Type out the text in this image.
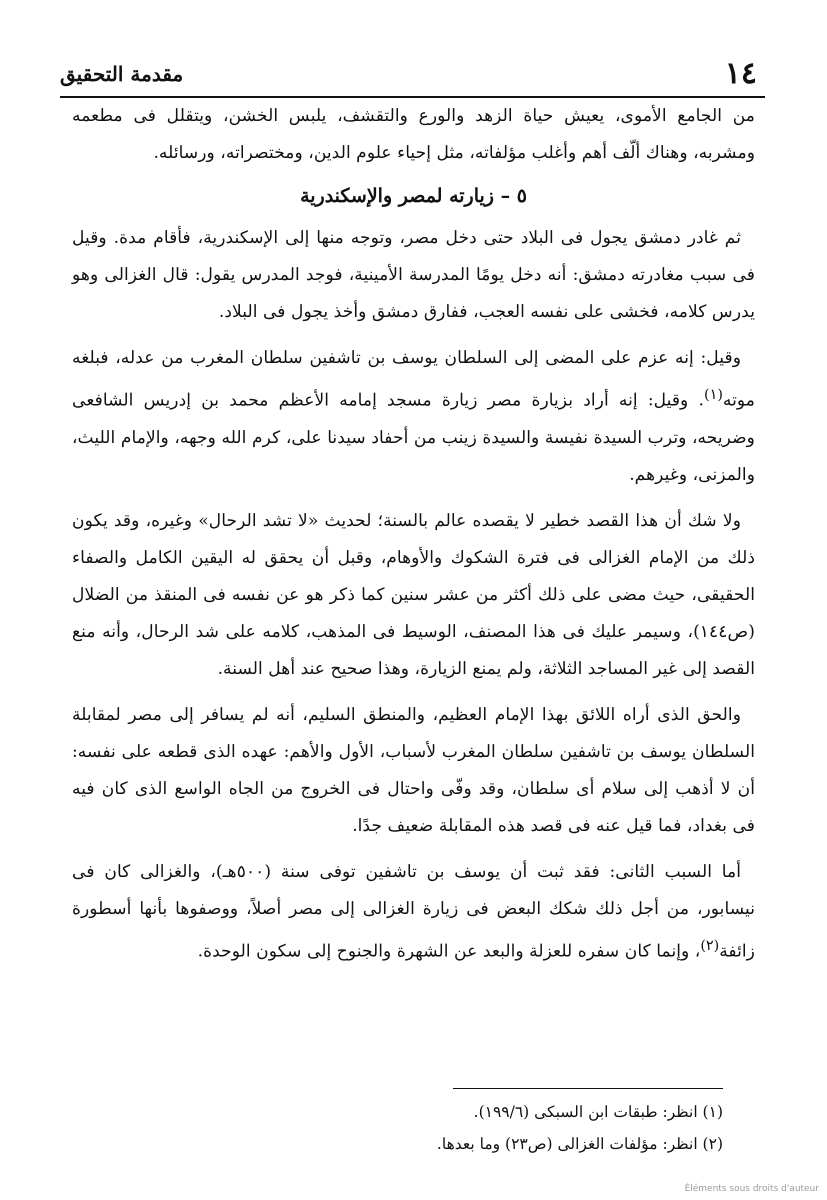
١٤
مقدمة التحقيق

من الجامع الأموى، يعيش حياة الزهد والورع والتقشف، يلبس الخشن، ويتقلل فى مطعمه ومشربه، وهناك ألّف أهم وأغلب مؤلفاته، مثل إحياء علوم الدين، ومختصراته، ورسائله.

٥ – زيارته لمصر والإسكندرية

ثم غادر دمشق يجول فى البلاد حتى دخل مصر، وتوجه منها إلى الإسكندرية، فأقام مدة. وقيل فى سبب مغادرته دمشق: أنه دخل يومًا المدرسة الأمينية، فوجد المدرس يقول: قال الغزالى وهو يدرس كلامه، فخشى على نفسه العجب، ففارق دمشق وأخذ يجول فى البلاد.

وقيل: إنه عزم على المضى إلى السلطان يوسف بن تاشفين سلطان المغرب من عدله، فبلغه موته$^{(١)}$. وقيل: إنه أراد بزيارة مصر زيارة مسجد إمامه الأعظم محمد بن إدريس الشافعى وضريحه، وترب السيدة نفيسة والسيدة زينب من أحفاد سيدنا على، كرم الله وجهه، والإمام الليث، والمزنى، وغيرهم.

ولا شك أن هذا القصد خطير لا يقصده عالم بالسنة؛ لحديث «لا تشد الرحال» وغيره، وقد يكون ذلك من الإمام الغزالى فى فترة الشكوك والأوهام، وقبل أن يحقق له اليقين الكامل والصفاء الحقيقى، حيث مضى على ذلك أكثر من عشر سنين كما ذكر هو عن نفسه فى المنقذ من الضلال (ص١٤٤)، وسيمر عليك فى هذا المصنف، الوسيط فى المذهب، كلامه على شد الرحال، وأنه منع القصد إلى غير المساجد الثلاثة، ولم يمنع الزيارة، وهذا صحيح عند أهل السنة.

والحق الذى أراه اللائق بهذا الإمام العظيم، والمنطق السليم، أنه لم يسافر إلى مصر لمقابلة السلطان يوسف بن تاشفين سلطان المغرب لأسباب، الأول والأهم: عهده الذى قطعه على نفسه: أن لا أذهب إلى سلام أى سلطان، وقد وفّى واحتال فى الخروج من الجاه الواسع الذى كان فيه فى بغداد، فما قيل عنه فى قصد هذه المقابلة ضعيف جدًا.

أما السبب الثانى: فقد ثبت أن يوسف بن تاشفين توفى سنة (٥٠٠هـ)، والغزالى كان فى نيسابور، من أجل ذلك شكك البعض فى زيارة الغزالى إلى مصر أصلاً، ووصفوها بأنها أسطورة زائفة$^{(٢)}$، وإنما كان سفره للعزلة والبعد عن الشهرة والجنوح إلى سكون الوحدة.

(١) انظر: طبقات ابن السبكى (١٩٩/٦).
(٢) انظر: مؤلفات الغزالى (ص٢٣) وما بعدها.
Éléments sous droits d'auteur
